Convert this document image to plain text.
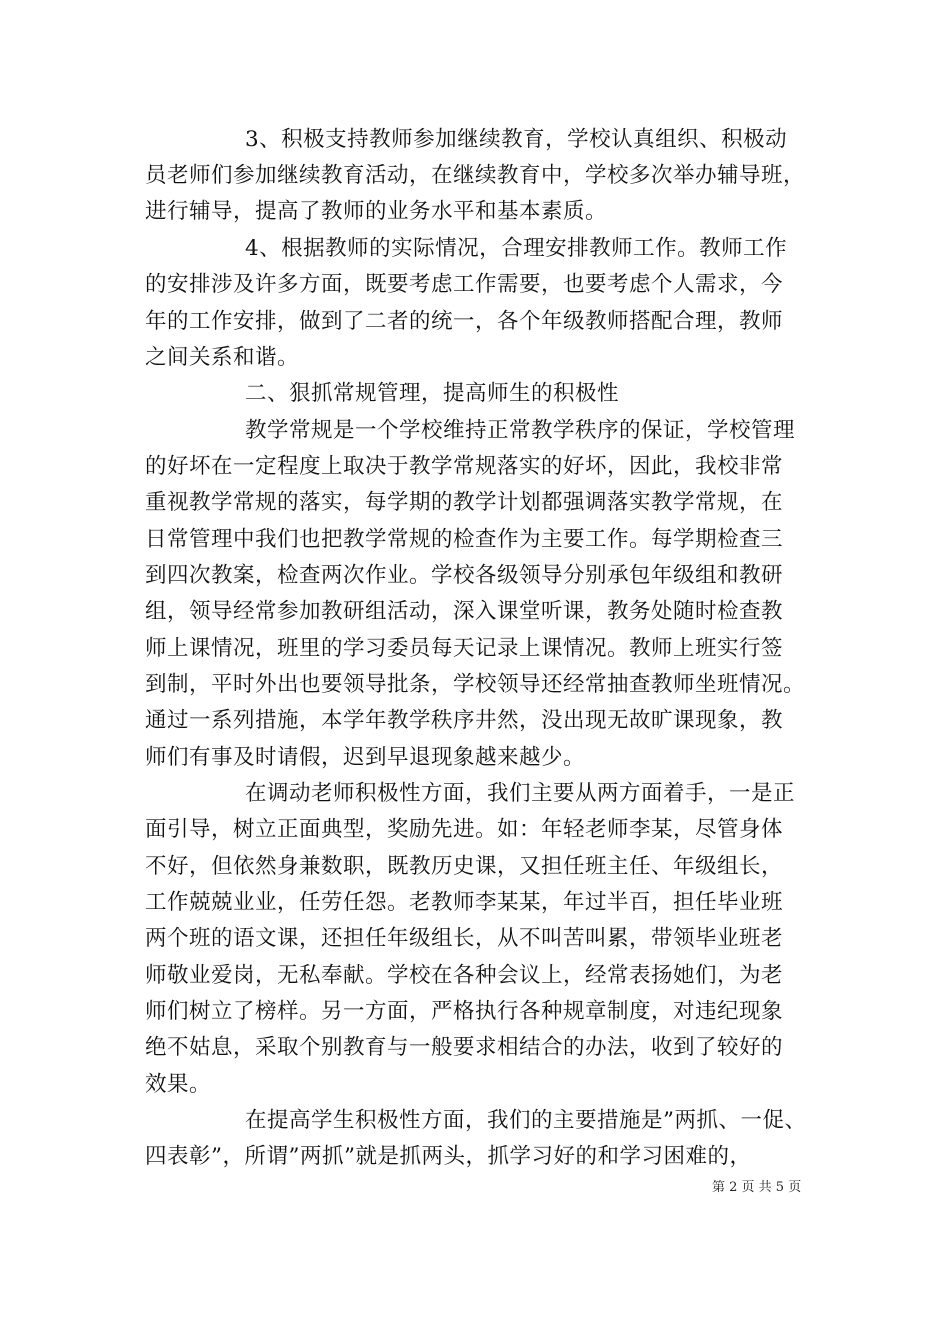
3、积极支持教师参加继续教育，学校认真组织、积极动
员老师们参加继续教育活动，在继续教育中，学校多次举办辅导班，
进行辅导，提高了教师的业务水平和基本素质。
4、根据教师的实际情况，合理安排教师工作。教师工作
的安排涉及许多方面，既要考虑工作需要，也要考虑个人需求，今
年的工作安排，做到了二者的统一，各个年级教师搭配合理，教师
之间关系和谐。
二、狠抓常规管理，提高师生的积极性
教学常规是一个学校维持正常教学秩序的保证，学校管理
的好坏在一定程度上取决于教学常规落实的好坏，因此，我校非常
重视教学常规的落实，每学期的教学计划都强调落实教学常规，在
日常管理中我们也把教学常规的检查作为主要工作。每学期检查三
到四次教案，检查两次作业。学校各级领导分别承包年级组和教研
组，领导经常参加教研组活动，深入课堂听课，教务处随时检查教
师上课情况，班里的学习委员每天记录上课情况。教师上班实行签
到制，平时外出也要领导批条，学校领导还经常抽查教师坐班情况。
通过一系列措施，本学年教学秩序井然，没出现无故旷课现象，教
师们有事及时请假，迟到早退现象越来越少。
在调动老师积极性方面，我们主要从两方面着手，一是正
面引导，树立正面典型，奖励先进。如：年轻老师李某，尽管身体
不好，但依然身兼数职，既教历史课，又担任班主任、年级组长，
工作兢兢业业，任劳任怨。老教师李某某，年过半百，担任毕业班
两个班的语文课，还担任年级组长，从不叫苦叫累，带领毕业班老
师敬业爱岗，无私奉献。学校在各种会议上，经常表扬她们，为老
师们树立了榜样。另一方面，严格执行各种规章制度，对违纪现象
绝不姑息，采取个别教育与一般要求相结合的办法，收到了较好的
效果。
在提高学生积极性方面，我们的主要措施是”两抓、一促、
四表彰”，所谓”两抓”就是抓两头，抓学习好的和学习困难的，
第 2 页 共 5 页
